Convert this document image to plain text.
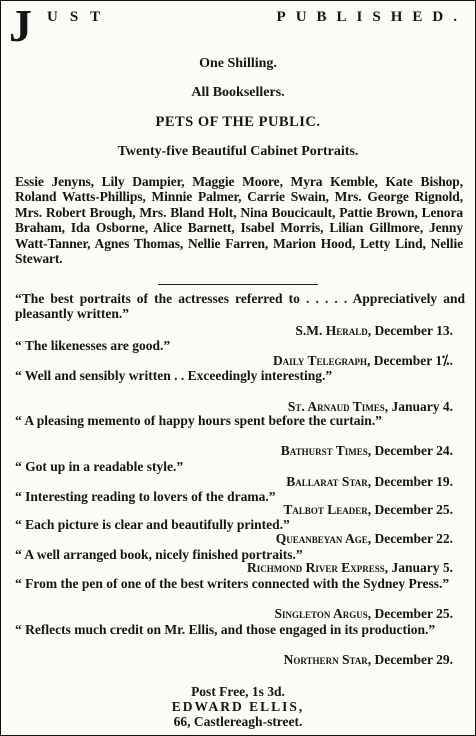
J UST	PUBLISHED.
One Shilling.
All Booksellers.
PETS OF THE PUBLIC.
Twenty-five Beautiful Cabinet Portraits.
Essie Jenyns, Lily Dampier, Maggie Moore, Myra Kemble, Kate Bishop, Roland Watts-Phillips, Minnie Palmer, Carrie Swain, Mrs. George Rignold, Mrs. Robert Brough, Mrs. Bland Holt, Nina Boucicault, Pattie Brown, Lenora Braham, Ida Osborne, Alice Barnett, Isabel Morris, Lilian Gillmore, Jenny Watt-Tanner, Agnes Thomas, Nellie Farren, Marion Hood, Letty Lind, Nellie Stewart.
“The best portraits of the actresses referred to . . . . . Appreciatively and pleasantly written.”
S.M. Herald, December 13.
“ The likenesses are good.”
Daily Telegraph, December 1⁒.
“ Well and sensibly written . . Exceedingly interesting.”
St. Arnaud Times, January 4.
“ A pleasing memento of happy hours spent before the curtain.”
Bathurst Times, December 24.
“ Got up in a readable style.”
Ballarat Star, December 19.
“ Interesting reading to lovers of the drama.”
Talbot Leader, December 25.
“ Each picture is clear and beautifully printed.”
Queanbeyan Age, December 22.
“ A well arranged book, nicely finished portraits.”
Richmond River Express, January 5.
“ From the pen of one of the best writers connected with the Sydney Press.”
Singleton Argus, December 25.
“ Reflects much credit on Mr. Ellis, and those engaged in its production.”
Northern Star, December 29.
Post Free, 1s 3d.
EDWARD ELLIS,
66, Castlereagh-street.
